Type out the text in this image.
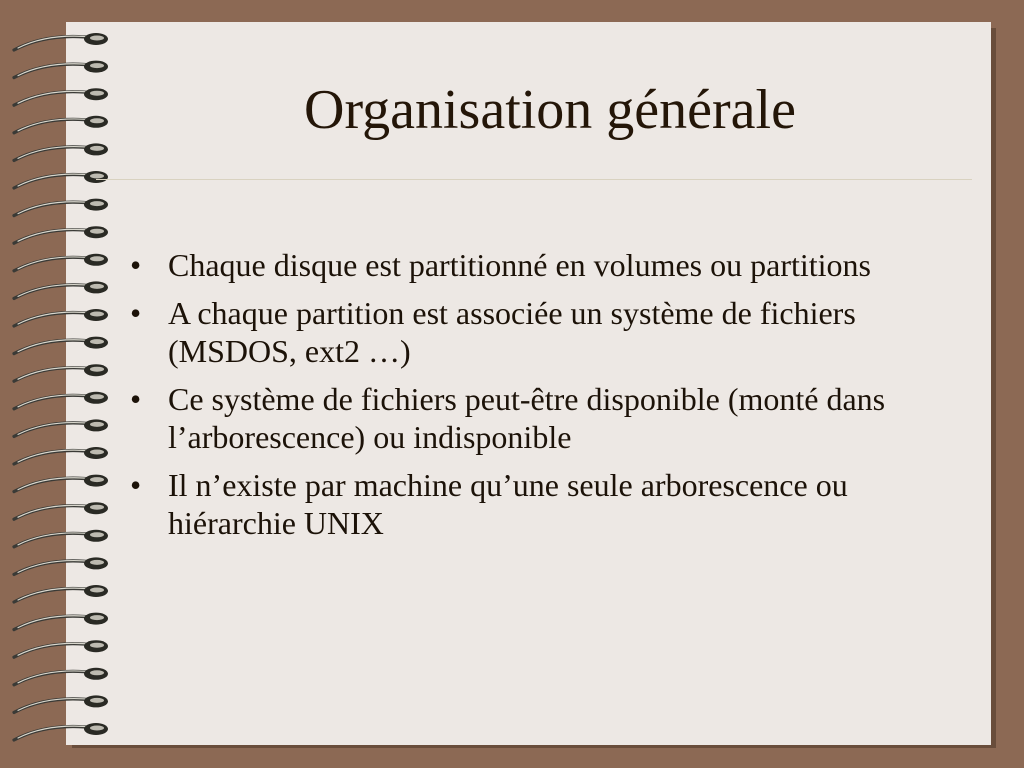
Organisation générale
• Chaque disque est partitionné en volumes ou partitions
• A chaque partition est associée un système de fichiers (MSDOS, ext2 …)
• Ce système de fichiers peut-être disponible (monté dans l’arborescence) ou indisponible
• Il n’existe par machine qu’une seule arborescence ou hiérarchie UNIX
